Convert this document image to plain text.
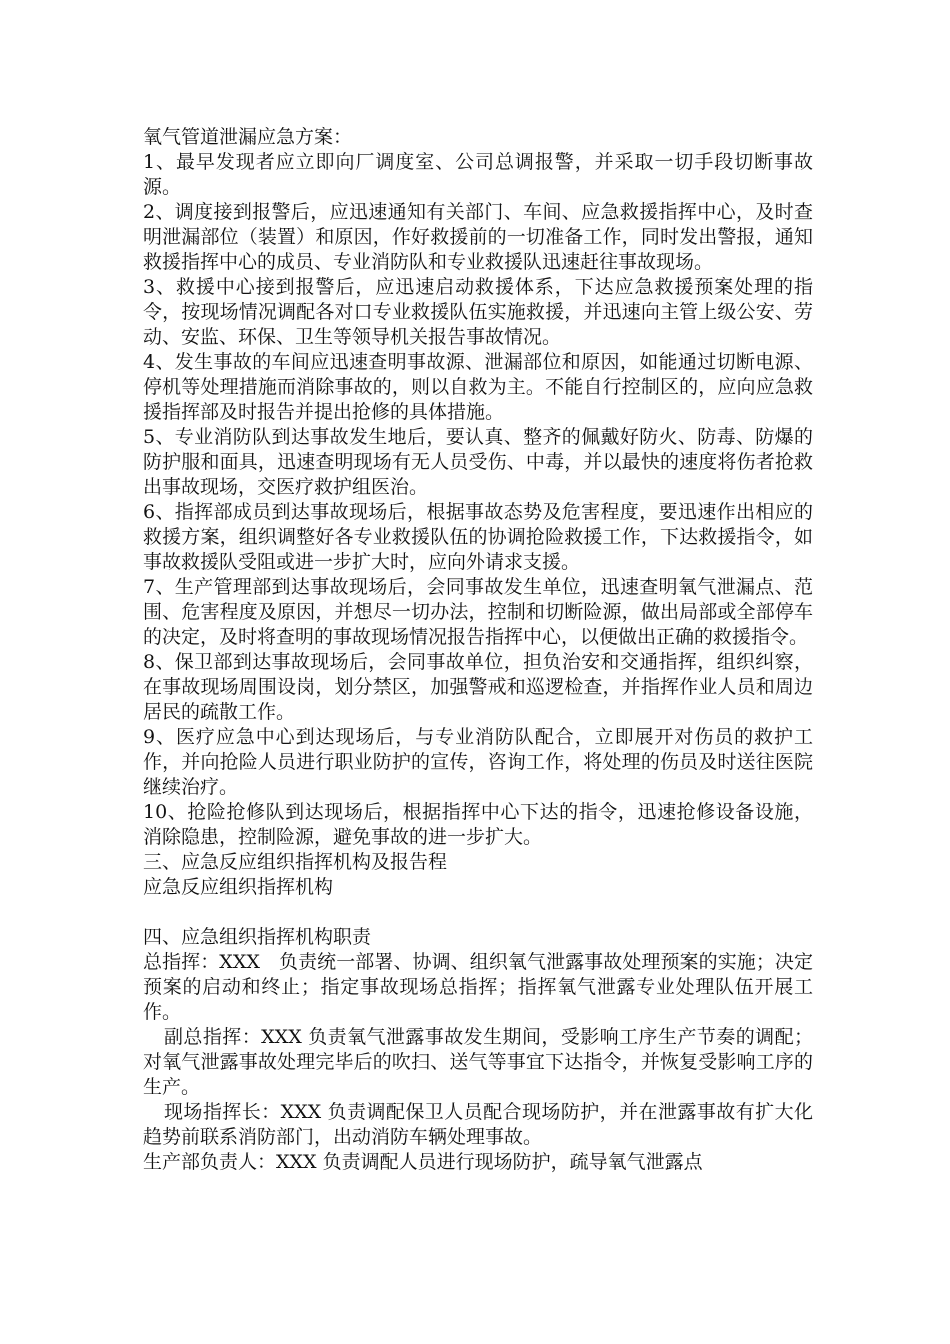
氧气管道泄漏应急方案：

1、最早发现者应立即向厂调度室、公司总调报警，并采取一切手段切断事故源。

2、调度接到报警后，应迅速通知有关部门、车间、应急救援指挥中心，及时查明泄漏部位（装置）和原因，作好救援前的一切准备工作，同时发出警报，通知救援指挥中心的成员、专业消防队和专业救援队迅速赶往事故现场。

3、救援中心接到报警后，应迅速启动救援体系，下达应急救援预案处理的指令，按现场情况调配各对口专业救援队伍实施救援，并迅速向主管上级公安、劳动、安监、环保、卫生等领导机关报告事故情况。

4、发生事故的车间应迅速查明事故源、泄漏部位和原因，如能通过切断电源、停机等处理措施而消除事故的，则以自救为主。不能自行控制区的，应向应急救援指挥部及时报告并提出抢修的具体措施。

5、专业消防队到达事故发生地后，要认真、整齐的佩戴好防火、防毒、防爆的防护服和面具，迅速查明现场有无人员受伤、中毒，并以最快的速度将伤者抢救出事故现场，交医疗救护组医治。

6、指挥部成员到达事故现场后，根据事故态势及危害程度，要迅速作出相应的救援方案，组织调整好各专业救援队伍的协调抢险救援工作，下达救援指令，如事故救援队受阻或进一步扩大时，应向外请求支援。

7、生产管理部到达事故现场后，会同事故发生单位，迅速查明氧气泄漏点、范围、危害程度及原因，并想尽一切办法，控制和切断险源，做出局部或全部停车的决定，及时将查明的事故现场情况报告指挥中心，以便做出正确的救援指令。

8、保卫部到达事故现场后，会同事故单位，担负治安和交通指挥，组织纠察，在事故现场周围设岗，划分禁区，加强警戒和巡逻检查，并指挥作业人员和周边居民的疏散工作。

9、医疗应急中心到达现场后，与专业消防队配合，立即展开对伤员的救护工作，并向抢险人员进行职业防护的宣传，咨询工作，将处理的伤员及时送往医院继续治疗。

10、抢险抢修队到达现场后，根据指挥中心下达的指令，迅速抢修设备设施，消除隐患，控制险源，避免事故的进一步扩大。

三、应急反应组织指挥机构及报告程

应急反应组织指挥机构

四、应急组织指挥机构职责

总指挥：XXX　负责统一部署、协调、组织氧气泄露事故处理预案的实施；决定预案的启动和终止；指定事故现场总指挥；指挥氧气泄露专业处理队伍开展工作。

副总指挥：XXX 负责氧气泄露事故发生期间，受影响工序生产节奏的调配；对氧气泄露事故处理完毕后的吹扫、送气等事宜下达指令，并恢复受影响工序的生产。

现场指挥长：XXX 负责调配保卫人员配合现场防护，并在泄露事故有扩大化趋势前联系消防部门，出动消防车辆处理事故。

生产部负责人：XXX 负责调配人员进行现场防护，疏导氧气泄露点
